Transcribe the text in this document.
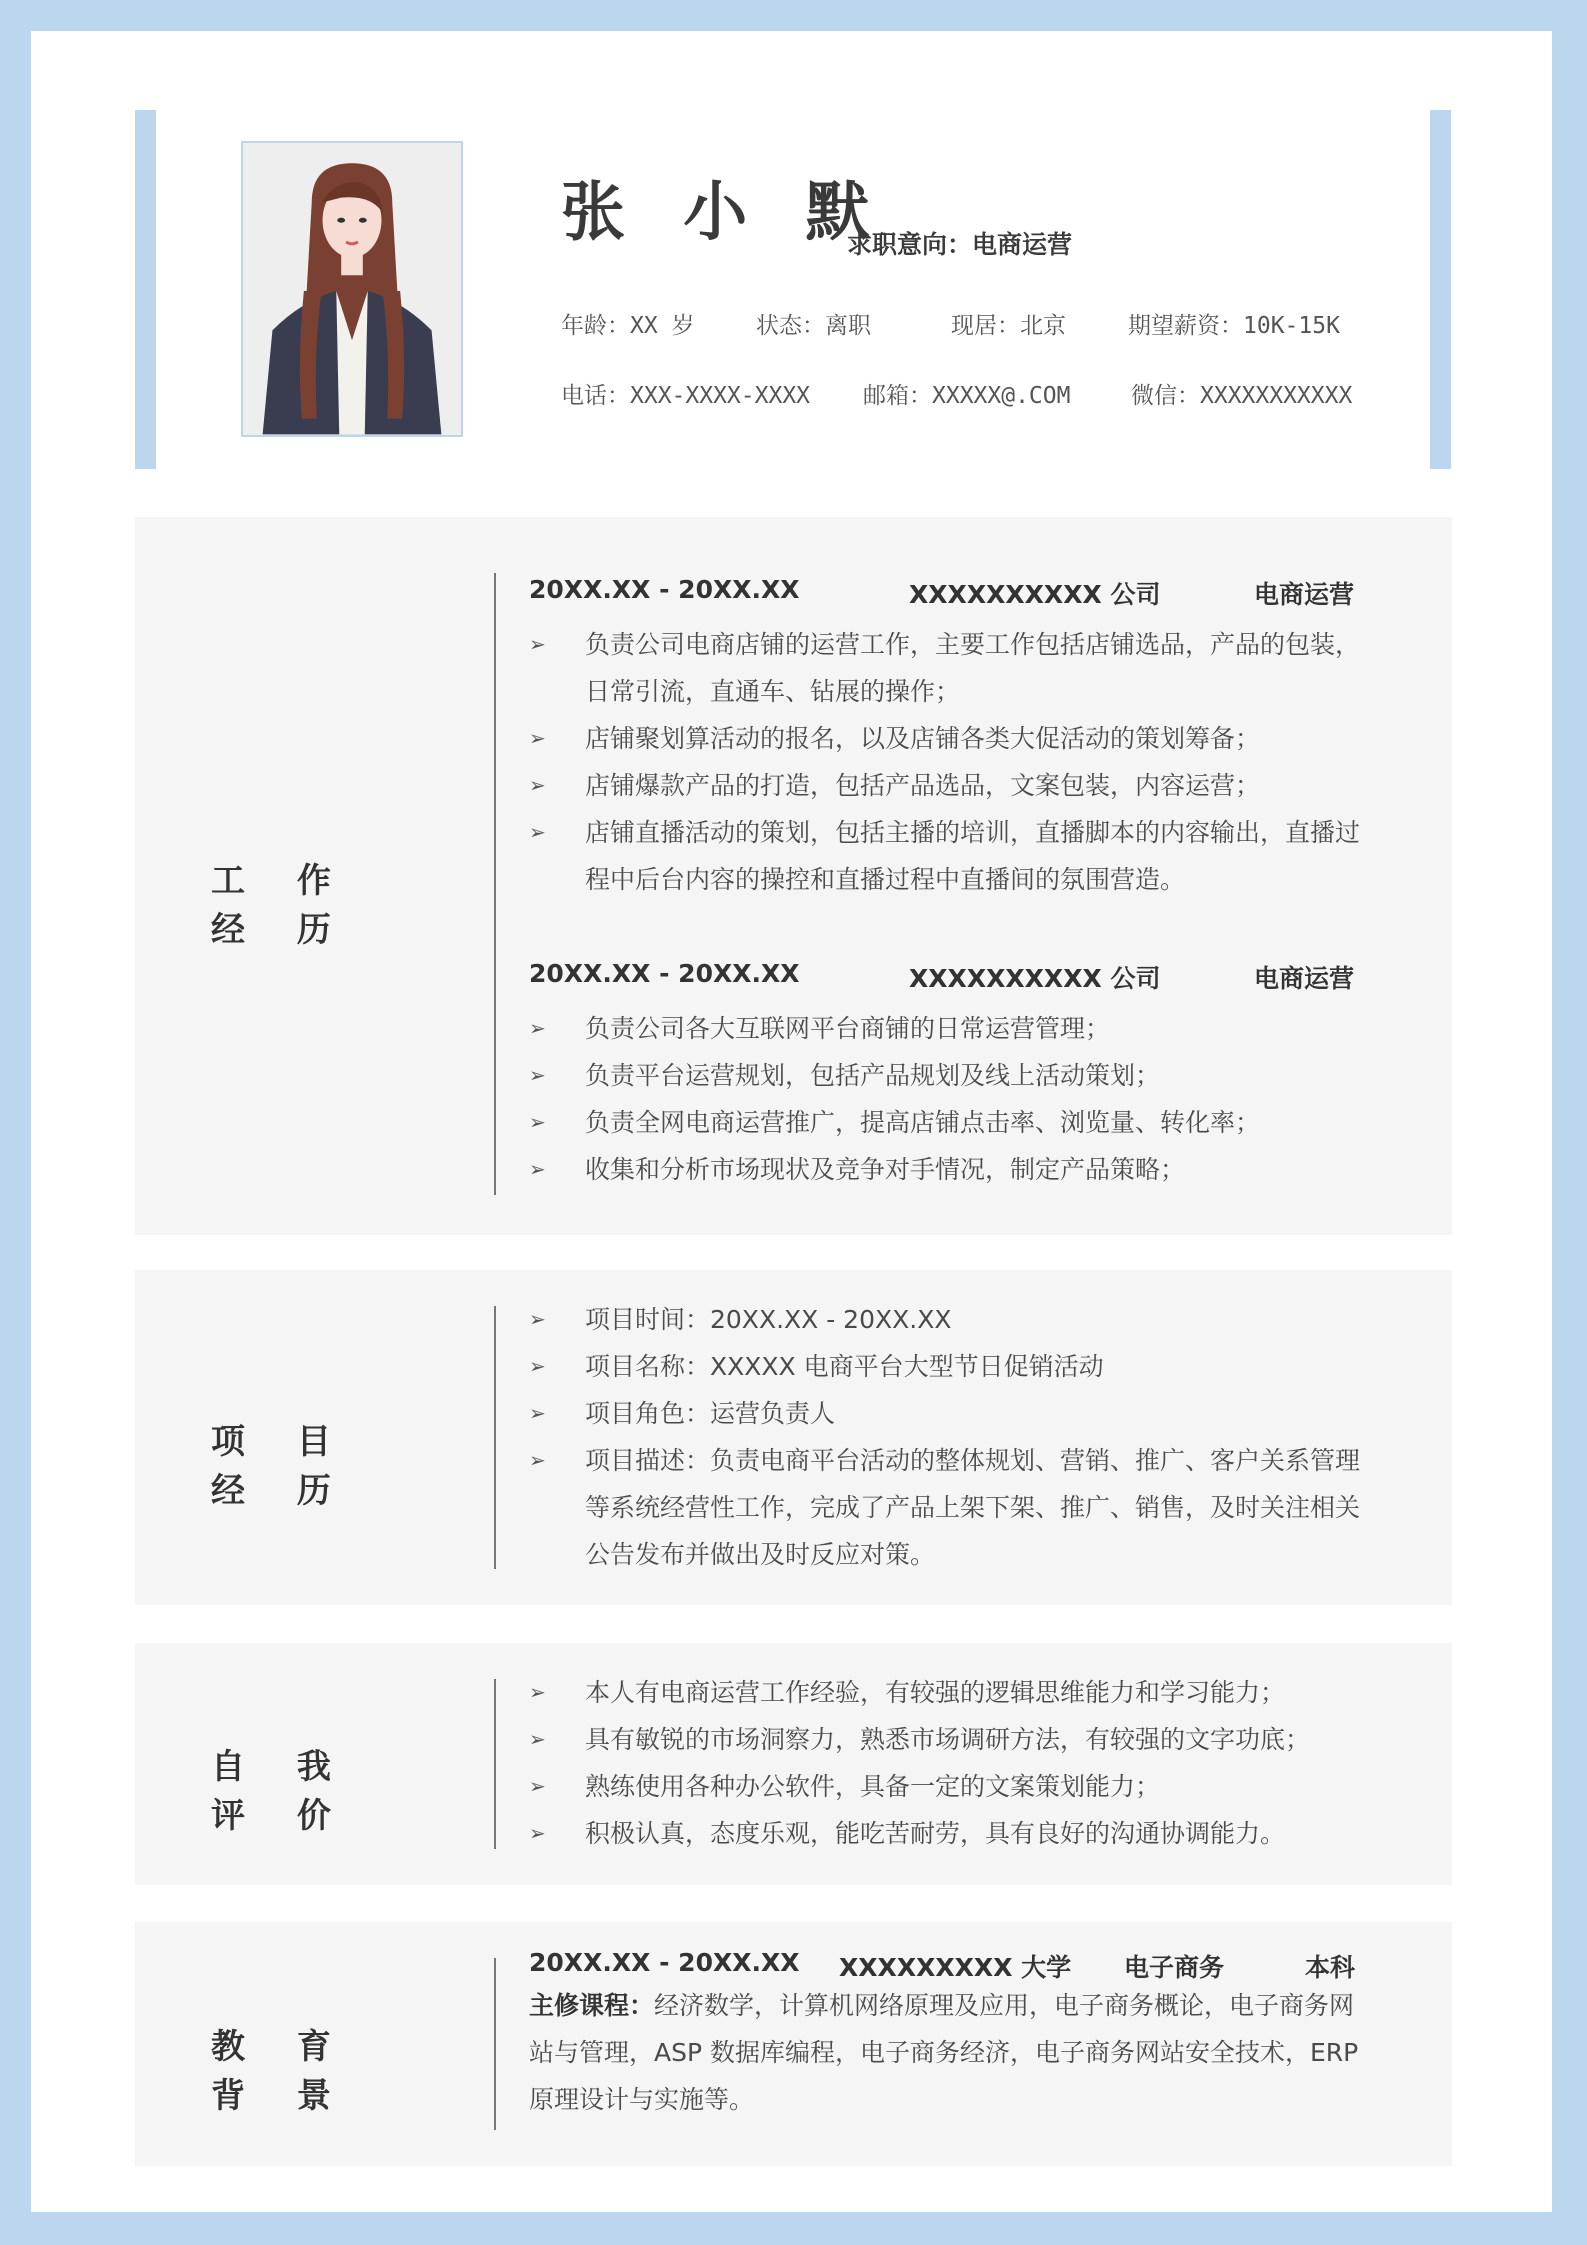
张 小 默
求职意向：电商运营
年龄：XX 岁	状态：离职	现居：北京	期望薪资：10K-15K
电话：XXX-XXXX-XXXX 邮箱：XXXXX@.COM	微信：XXXXXXXXXXX
工 作 经 历
20XX.XX - 20XX.XX	XXXXXXXXXX 公司	电商运营

➢ 负责公司电商店铺的运营工作，主要工作包括店铺选品，产品的包装，日常引流，直通车、钻展的操作；

➢ 店铺聚划算活动的报名，以及店铺各类大促活动的策划筹备；

➢ 店铺爆款产品的打造，包括产品选品，文案包装，内容运营；

➢ 店铺直播活动的策划，包括主播的培训，直播脚本的内容输出，直播过程中后台内容的操控和直播过程中直播间的氛围营造。

20XX.XX - 20XX.XX	XXXXXXXXXX 公司	电商运营

➢ 负责公司各大互联网平台商铺的日常运营管理；

➢ 负责平台运营规划，包括产品规划及线上活动策划；

➢ 负责全网电商运营推广，提高店铺点击率、浏览量、转化率；

➢ 收集和分析市场现状及竞争对手情况，制定产品策略；

项 目 经 历

➢ 项目时间：20XX.XX - 20XX.XX

➢ 项目名称：XXXXX 电商平台大型节日促销活动

➢ 项目角色：运营负责人

➢ 项目描述：负责电商平台活动的整体规划、营销、推广、客户关系管理等系统经营性工作，完成了产品上架下架、推广、销售，及时关注相关公告发布并做出及时反应对策。

自 我 评 价

➢ 本人有电商运营工作经验，有较强的逻辑思维能力和学习能力；

➢ 具有敏锐的市场洞察力，熟悉市场调研方法，有较强的文字功底；

➢ 熟练使用各种办公软件，具备一定的文案策划能力；

➢ 积极认真，态度乐观，能吃苦耐劳，具有良好的沟通协调能力。

教 育 背 景
20XX.XX - 20XX.XX XXXXXXXXX 大学 电子商务	本科
主修课程：经济数学，计算机网络原理及应用，电子商务概论，电子商务网站与管理，ASP 数据库编程，电子商务经济，电子商务网站安全技术，ERP 原理设计与实施等。
